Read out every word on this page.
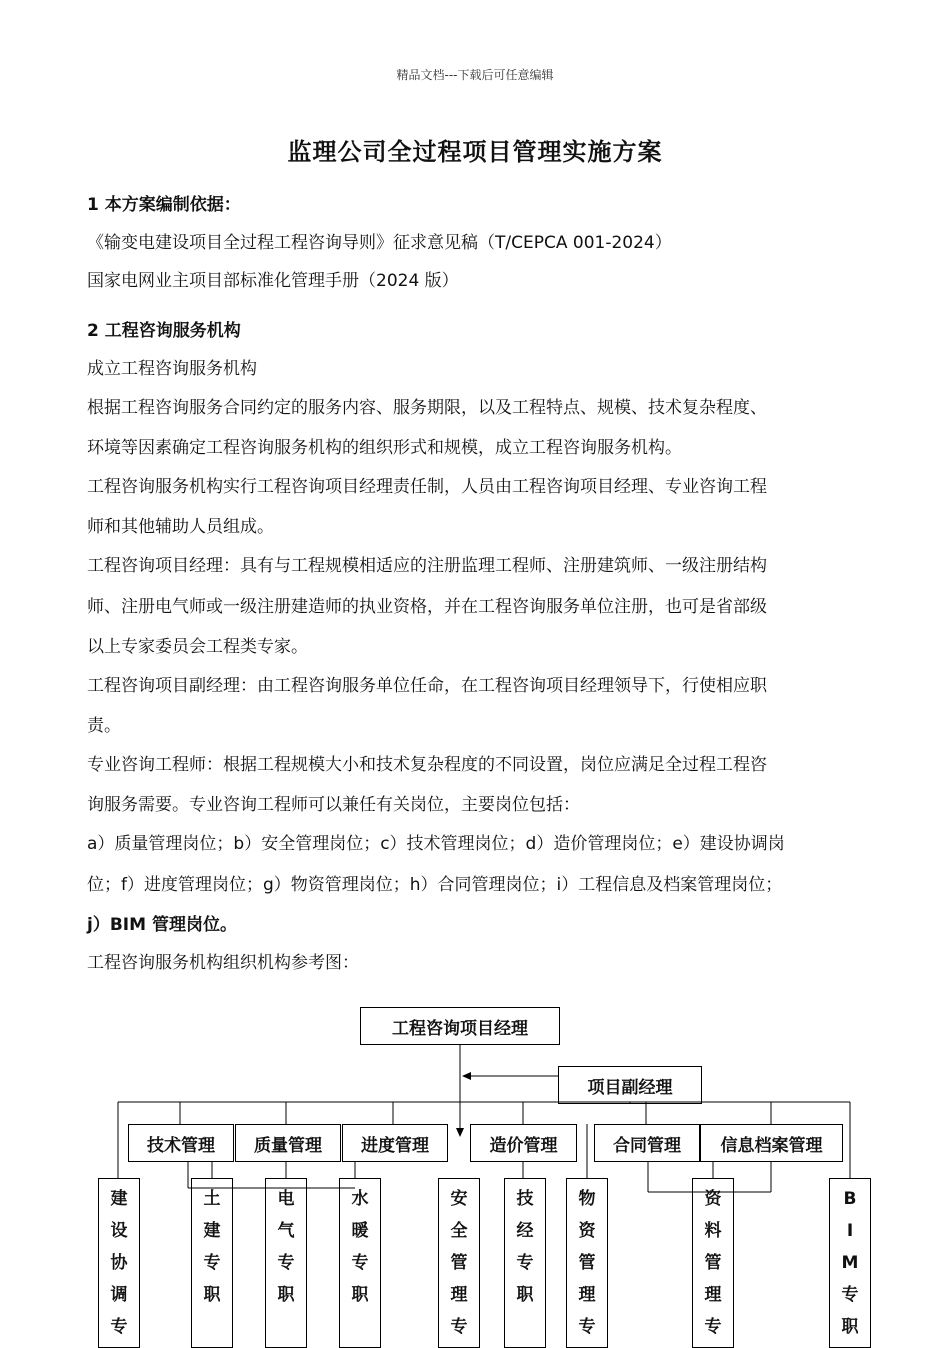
精品文档---下载后可任意编辑
监理公司全过程项目管理实施方案
1 本方案编制依据：
《输变电建设项目全过程工程咨询导则》征求意见稿（T/CEPCA 001-2024）
国家电网业主项目部标准化管理手册（2024 版）
2 工程咨询服务机构
成立工程咨询服务机构
根据工程咨询服务合同约定的服务内容、服务期限，以及工程特点、规模、技术复杂程度、
环境等因素确定工程咨询服务机构的组织形式和规模，成立工程咨询服务机构。
工程咨询服务机构实行工程咨询项目经理责任制，人员由工程咨询项目经理、专业咨询工程
师和其他辅助人员组成。
工程咨询项目经理：具有与工程规模相适应的注册监理工程师、注册建筑师、一级注册结构
师、注册电气师或一级注册建造师的执业资格，并在工程咨询服务单位注册，也可是省部级
以上专家委员会工程类专家。
工程咨询项目副经理：由工程咨询服务单位任命，在工程咨询项目经理领导下，行使相应职
责。
专业咨询工程师：根据工程规模大小和技术复杂程度的不同设置，岗位应满足全过程工程咨
询服务需要。专业咨询工程师可以兼任有关岗位，主要岗位包括：
a）质量管理岗位；b）安全管理岗位；c）技术管理岗位；d）造价管理岗位；e）建设协调岗
位；f）进度管理岗位；g）物资管理岗位；h）合同管理岗位；i）工程信息及档案管理岗位；
j）BIM 管理岗位。
工程咨询服务机构组织机构参考图：
工程咨询项目经理
项目副经理
技术管理	质量管理	进度管理	造价管理	合同管理	信息档案管理
建
设
协
调
专
土
建
专
职
电
气
专
职
水
暖
专
职
安
全
管
理
专
技
经
专
职
物
资
管
理
专
资
料
管
理
专
B
I
M
专
职
